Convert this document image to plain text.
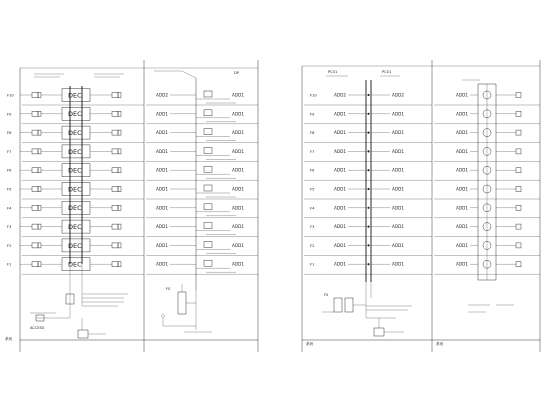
F10	DEC	ADD2	ADD1
F9	DEC	ADD1	ADD1
F8	DEC	ADD1	ADD1
F7	DEC	ADD1	ADD1
F6	DEC	ADD1	ADD1
F5	DEC	ADD1	ADD1
F4	DEC	ADD1	ADD1
F3	DEC	ADD1	ADD1
F2	DEC	ADD1	ADD1
F1	DEC	ADD1	ADD1
F10	ADD2	ADD2	ADD1
F9	ADD1	ADD1	ADD1
F8	ADD1	ADD1	ADD1
F7	ADD1	ADD1	ADD1
F6	ADD1	ADD1	ADD1
F5	ADD1	ADD1	ADD1
F4	ADD1	ADD1	ADD1
F3	ADD1	ADD1	ADD1
F2	ADD1	ADD1	ADD1
F1	ADD1	ADD1	ADD1
FS
FS
系统
ACCESS
DP
系统	系统
PC01	PC01
